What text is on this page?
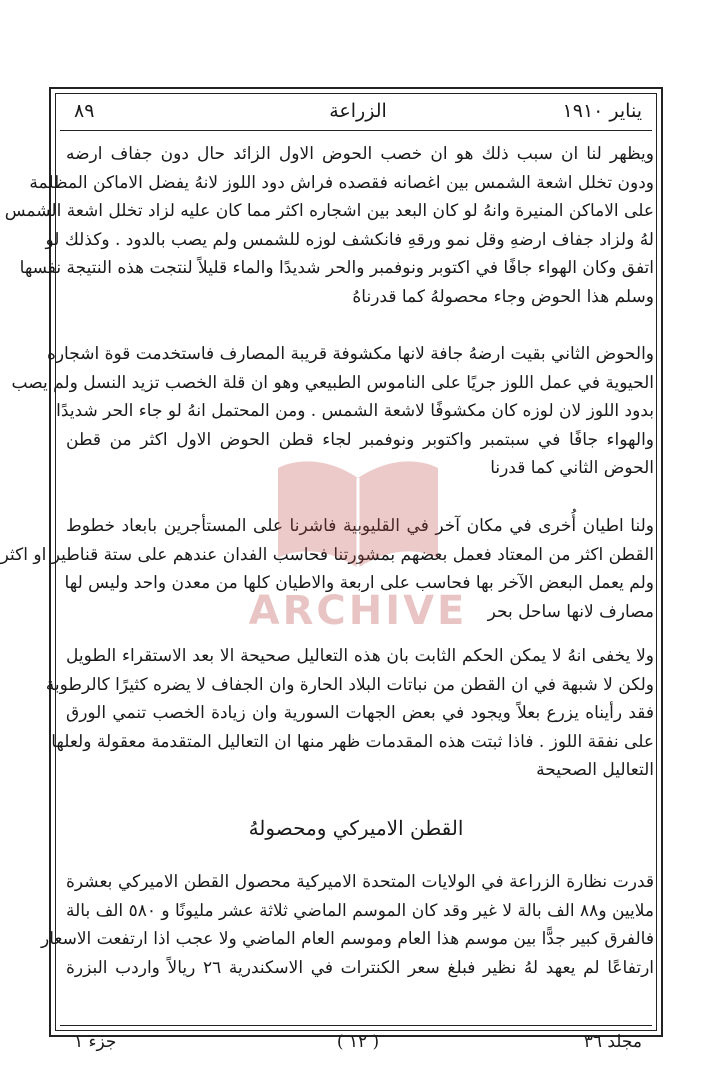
يناير ١٩١٠
الزراعة
٨٩
ويظهر لنا ان سبب ذلك هو ان خصب الحوض الاول الزائد حال دون جفاف ارضه
ودون تخلل اشعة الشمس بين اغصانه فقصده فراش دود اللوز لانهُ يفضل الاماكن المظلمة
على الاماكن المنيرة وانهُ لو كان البعد بين اشجاره اكثر مما كان عليه لزاد تخلل اشعة الشمس
لهُ ولزاد جفاف ارضهِ وقل نمو ورقهِ فانكشف لوزه للشمس ولم يصب بالدود . وكذلك لو
اتفق وكان الهواء جافًا في اكتوبر ونوفمبر والحر شديدًا والماء قليلاً لنتجت هذه النتيجة نفسها
وسلم هذا الحوض وجاء محصولهُ كما قدرناهُ
والحوض الثاني بقيت ارضهُ جافة لانها مكشوفة قريبة المصارف فاستخدمت قوة اشجاره
الحيوية في عمل اللوز جريًا على الناموس الطبيعي وهو ان قلة الخصب تزيد النسل ولم يصب
بدود اللوز لان لوزه كان مكشوفًا لاشعة الشمس . ومن المحتمل انهُ لو جاء الحر شديدًا
والهواء جافًا في سبتمبر واكتوبر ونوفمبر لجاء قطن الحوض الاول اكثر من قطن
الحوض الثاني كما قدرنا
ولنا اطيان أُخرى في مكان آخر في القليوبية فاشرنا على المستأجرين بابعاد خطوط
القطن اكثر من المعتاد فعمل بعضهم بمشورتنا فحاسب الفدان عندهم على ستة قناطير او اكثر
ولم يعمل البعض الآخر بها فحاسب على اربعة والاطيان كلها من معدن واحد وليس لها
مصارف لانها ساحل بحر
ولا يخفى انهُ لا يمكن الحكم الثابت بان هذه التعاليل صحيحة الا بعد الاستقراء الطويل
ولكن لا شبهة في ان القطن من نباتات البلاد الحارة وان الجفاف لا يضره كثيرًا كالرطوبة
فقد رأيناه يزرع بعلاً ويجود في بعض الجهات السورية وان زيادة الخصب تنمي الورق
على نفقة اللوز . فاذا ثبتت هذه المقدمات ظهر منها ان التعاليل المتقدمة معقولة ولعلها
التعاليل الصحيحة
القطن الاميركي ومحصولهُ
قدرت نظارة الزراعة في الولايات المتحدة الاميركية محصول القطن الاميركي بعشرة
ملايين و٨٨ الف بالة لا غير وقد كان الموسم الماضي ثلاثة عشر مليونًا و ٥٨٠ الف بالة
فالفرق كبير جدًّا بين موسم هذا العام وموسم العام الماضي ولا عجب اذا ارتفعت الاسعار
ارتفاعًا لم يعهد لهُ نظير فبلغ سعر الكنترات في الاسكندرية ٢٦ ريالاً واردب البزرة
مجلد ٣٦
( ١٢ )
جزء ١
ARCHIVE
